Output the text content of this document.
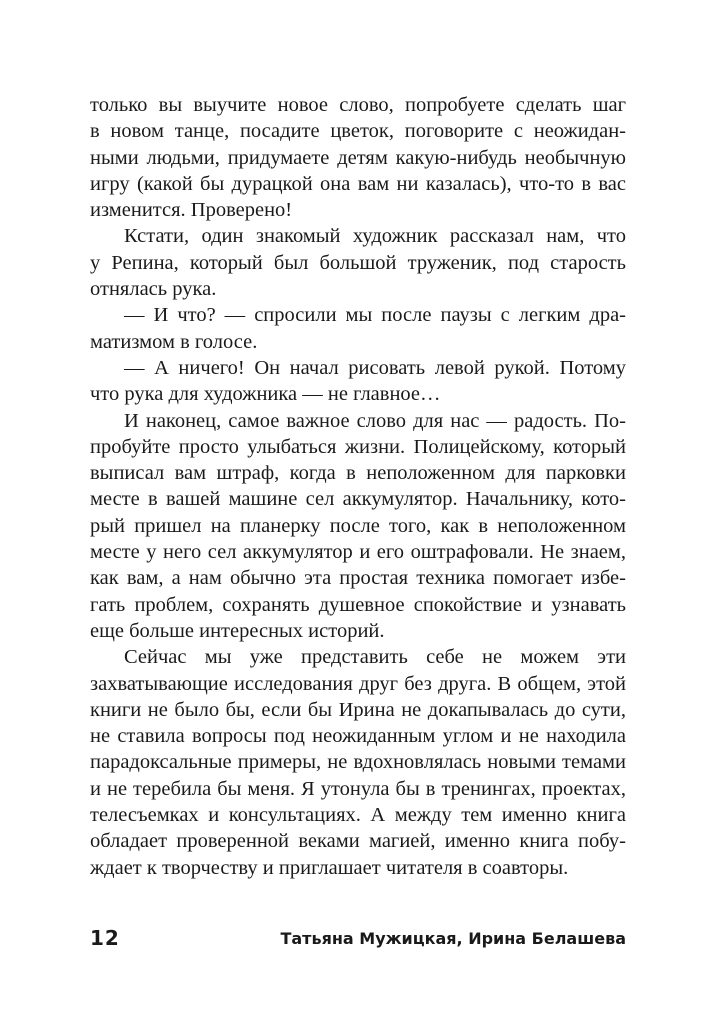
только вы выучите новое слово, попробуете сделать шаг
в новом танце, посадите цветок, поговорите с неожидан-
ными людьми, придумаете детям какую-нибудь необычную
игру (какой бы дурацкой она вам ни казалась), что-то в вас
изменится. Проверено!
Кстати, один знакомый художник рассказал нам, что
у Репина, который был большой труженик, под старость
отнялась рука.
— И что? — спросили мы после паузы с легким дра-
матизмом в голосе.
— А ничего! Он начал рисовать левой рукой. Потому
что рука для художника — не главное…
И наконец, самое важное слово для нас — радость. По-
пробуйте просто улыбаться жизни. Полицейскому, который
выписал вам штраф, когда в неположенном для парковки
месте в вашей машине сел аккумулятор. Начальнику, кото-
рый пришел на планерку после того, как в неположенном
месте у него сел аккумулятор и его оштрафовали. Не знаем,
как вам, а нам обычно эта простая техника помогает избе-
гать проблем, сохранять душевное спокойствие и узнавать
еще больше интересных историй.
Сейчас мы уже представить себе не можем эти
захватывающие исследования друг без друга. В общем, этой
книги не было бы, если бы Ирина не докапывалась до сути,
не ставила вопросы под неожиданным углом и не находила
парадоксальные примеры, не вдохновлялась новыми темами
и не теребила бы меня. Я утонула бы в тренингах, проектах,
телесъемках и консультациях. А между тем именно книга
обладает проверенной веками магией, именно книга побу-
ждает к творчеству и приглашает читателя в соавторы.
12	Татьяна Мужицкая, Ирина Белашева
